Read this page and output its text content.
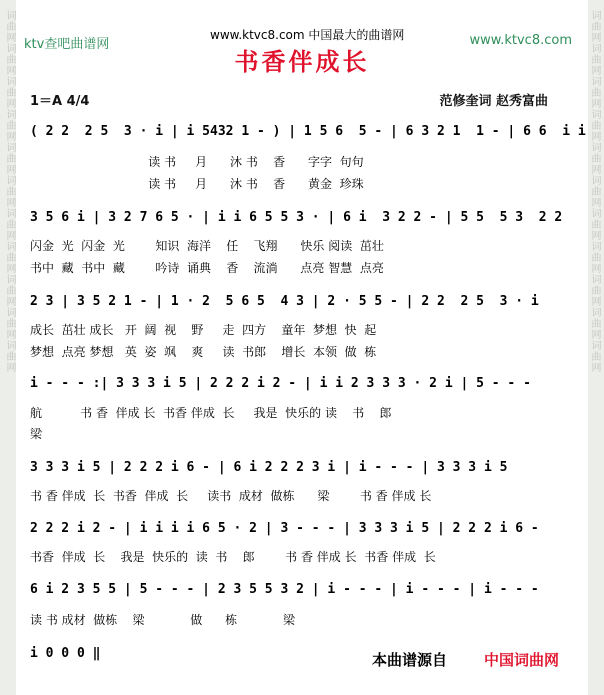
词曲网词曲网词曲网词曲网词曲网词曲网词曲网词曲网词曲网词曲网词曲网	词曲网词曲网词曲网词曲网词曲网词曲网词曲网词曲网词曲网词曲网词曲网
www.ktvc8.com 中国最大的曲谱网
ktv查吧曲谱网	www.ktvc8.com
书香伴成长
1＝A 4/4	范修奎词 赵秀富曲
( 2 2  2 5  3 · i | i 5432 1 - ) | 1 5 6  5 - | 6 3 2 1  1 - | 6 6  i i
读 书     月      沐 书    香      字字  句句
读 书     月      沐 书    香      黄金  珍珠
3 5 6 i | 3 2 7 6 5 · | i i 6 5 5 3 · | 6 i  3 2 2 - | 5 5  5 3  2 2
闪金  光  闪金  光        知识  海洋    任    飞翔      快乐 阅读  茁壮
书中  藏  书中  藏        吟诗  诵典    香    流淌      点亮 智慧  点亮
2 3 | 3 5 2 1 - | 1 · 2  5 6 5  4 3 | 2 · 5 5 - | 2 2  2 5  3 · i
成长  茁壮 成长   开  阔  视    野     走  四方    童年  梦想  快  起
梦想  点亮 梦想   英  姿  飒    爽     读  书郎    增长  本领  做  栋
i - - - :| 3 3 3 i 5 | 2 2 2 i 2 - | i i 2 3 3 3 · 2 i | 5 - - -
航          书 香  伴成 长  书香 伴成  长     我是  快乐的 读    书    郎
梁
3 3 3 i 5 | 2 2 2 i 6 - | 6 i 2 2 2 3 i | i - - - | 3 3 3 i 5
书 香 伴成  长  书香  伴成  长     读书  成材  做栋      梁        书 香 伴成 长
2 2 2 i 2 - | i i i i 6 5 · 2 | 3 - - - | 3 3 3 i 5 | 2 2 2 i 6 -
书香  伴成  长    我是  快乐的  读  书    郎        书 香 伴成 长  书香 伴成  长
6 i 2 3 5 5 | 5 - - - | 2 3 5 5 3 2 | i - - - | i - - - | i - - -
读 书 成材  做栋    梁            做      栋            梁
i 0 0 0 ‖	本曲谱源自 中国词曲网
